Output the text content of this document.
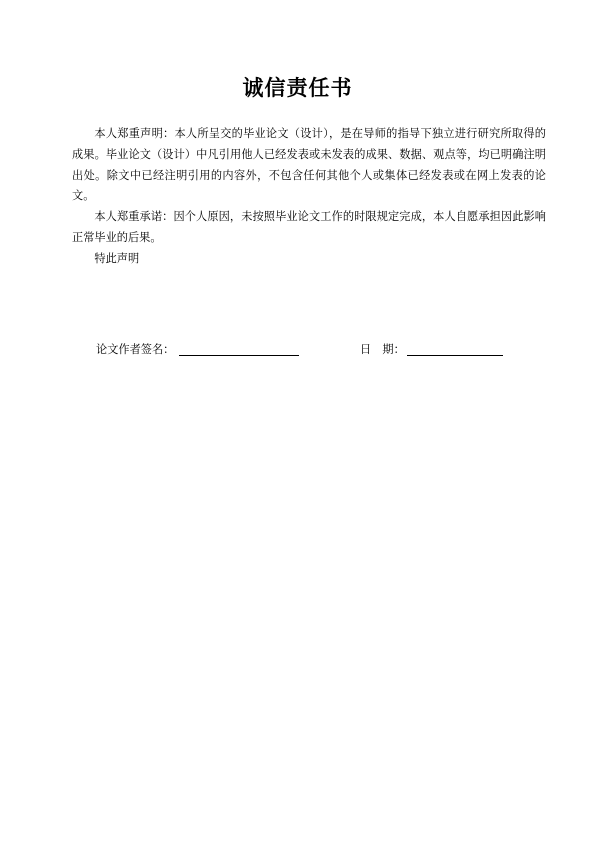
诚信责任书

本人郑重声明：本人所呈交的毕业论文（设计），是在导师的指导下独立进行研究所取得的成果。毕业论文（设计）中凡引用他人已经发表或未发表的成果、数据、观点等，均已明确注明出处。除文中已经注明引用的内容外，不包含任何其他个人或集体已经发表或在网上发表的论文。

本人郑重承诺：因个人原因，未按照毕业论文工作的时限规定完成，本人自愿承担因此影响正常毕业的后果。

特此声明

论文作者签名：	日　期：
